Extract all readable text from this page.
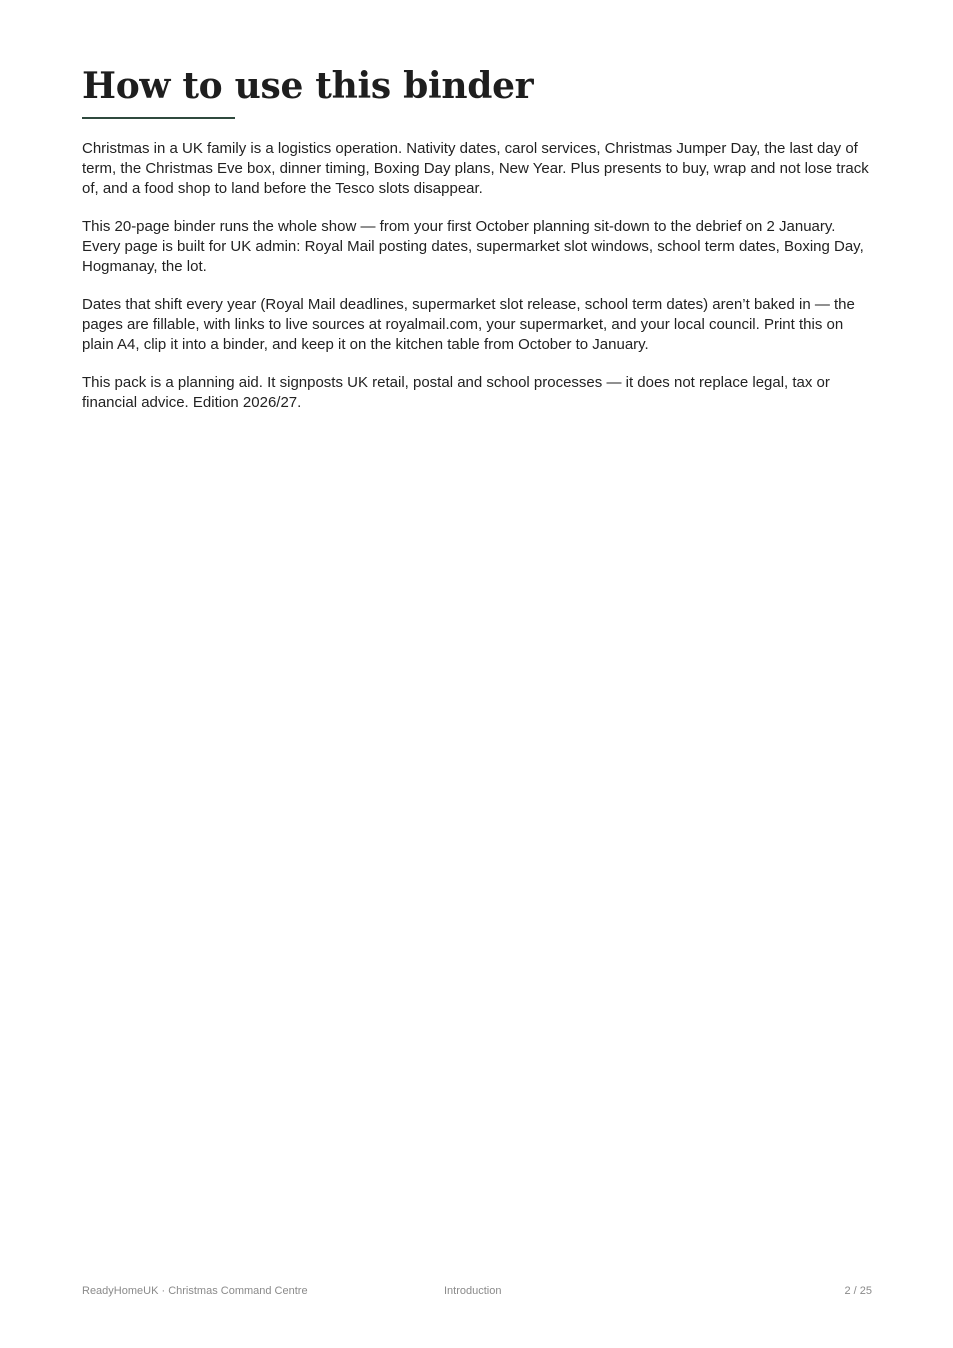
How to use this binder

Christmas in a UK family is a logistics operation. Nativity dates, carol services, Christmas Jumper Day, the last day of term, the Christmas Eve box, dinner timing, Boxing Day plans, New Year. Plus presents to buy, wrap and not lose track of, and a food shop to land before the Tesco slots disappear.

This 20-page binder runs the whole show — from your first October planning sit-down to the debrief on 2 January. Every page is built for UK admin: Royal Mail posting dates, supermarket slot windows, school term dates, Boxing Day, Hogmanay, the lot.

Dates that shift every year (Royal Mail deadlines, supermarket slot release, school term dates) aren’t baked in — the pages are fillable, with links to live sources at royalmail.com, your supermarket, and your local council. Print this on plain A4, clip it into a binder, and keep it on the kitchen table from October to January.

This pack is a planning aid. It signposts UK retail, postal and school processes — it does not replace legal, tax or financial advice. Edition 2026/27.

ReadyHomeUK · Christmas Command Centre	Introduction	2 / 25
